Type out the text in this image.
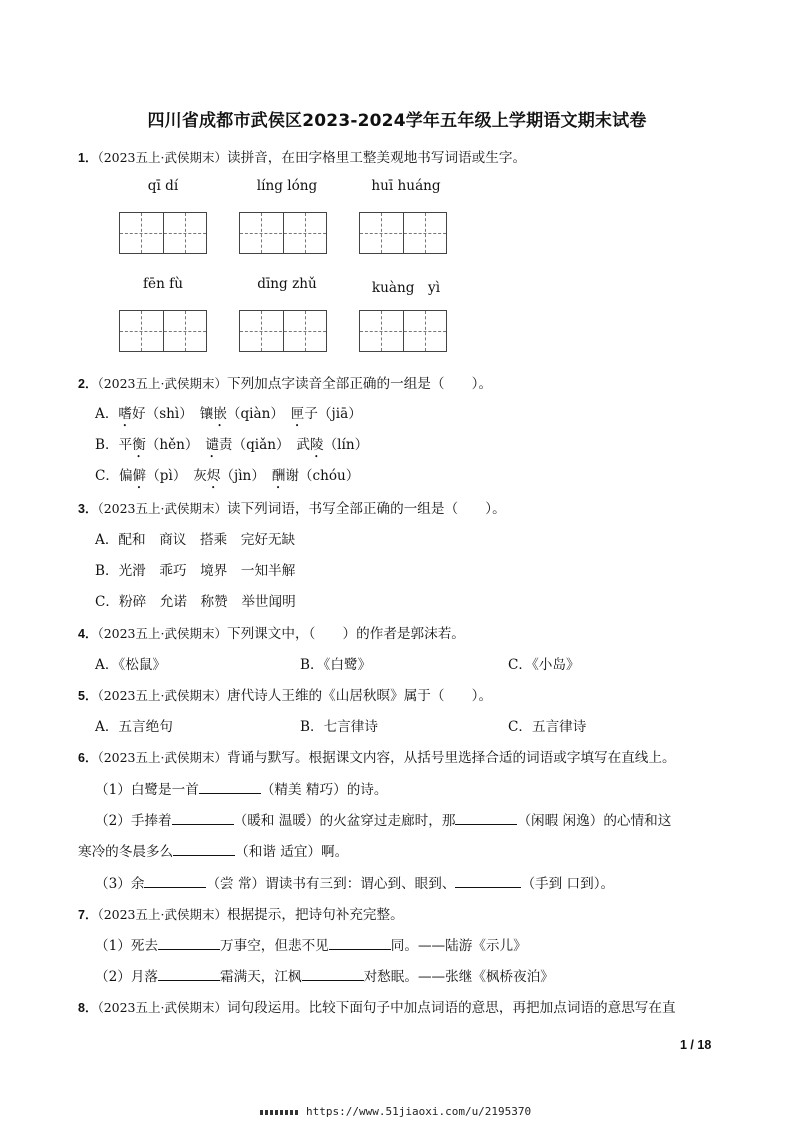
四川省成都市武侯区2023-2024学年五年级上学期语文期末试卷
1．（2023五上·武侯期末）读拼音，在田字格里工整美观地书写词语或生字。
qī dí	líng lóng	huī huáng
fēn fù	dīng zhǔ	kuàng　yì
2．（2023五上·武侯期末）下列加点字读音全部正确的一组是（　　）。
A．嗜好（shì）　 镶嵌（qiàn）　 匣子（jiā）
B．平衡（hěn）　 谴责（qiǎn）　 武陵（lín）
C．偏僻（pì）　 灰烬（jìn）　 酬谢（chóu）
3．（2023五上·武侯期末）读下列词语，书写全部正确的一组是（　　）。
A．配和　商议　搭乘　完好无缺
B．光滑　乖巧　境界　一知半解
C．粉碎　允诺　称赞　举世闻明
4．（2023五上·武侯期末）下列课文中，（　　）的作者是郭沫若。
A．《松鼠》	B．《白鹭》	C．《小岛》
5．（2023五上·武侯期末）唐代诗人王维的《山居秋暝》属于（　　）。
A．五言绝句	B．七言律诗	C．五言律诗
6．（2023五上·武侯期末）背诵与默写。根据课文内容，从括号里选择合适的词语或字填写在直线上。
（1）白鹭是一首	（精美 精巧）的诗。
（2）手捧着	（暖和 温暖）的火盆穿过走廊时，那	（闲暇 闲逸）的心情和这
寒冷的冬晨多么	（和谐 适宜）啊。
（3）余	（尝 常）谓读书有三到：谓心到、眼到、	（手到 口到）。
7．（2023五上·武侯期末）根据提示，把诗句补充完整。
（1）死去	万事空，但悲不见	同。——陆游《示儿》
（2）月落	霜满天，江枫	对愁眠。——张继《枫桥夜泊》
8．（2023五上·武侯期末）词句段运用。比较下面句子中加点词语的意思，再把加点词语的意思写在直
1 / 18
https://www.51jiaoxi.com/u/2195370
